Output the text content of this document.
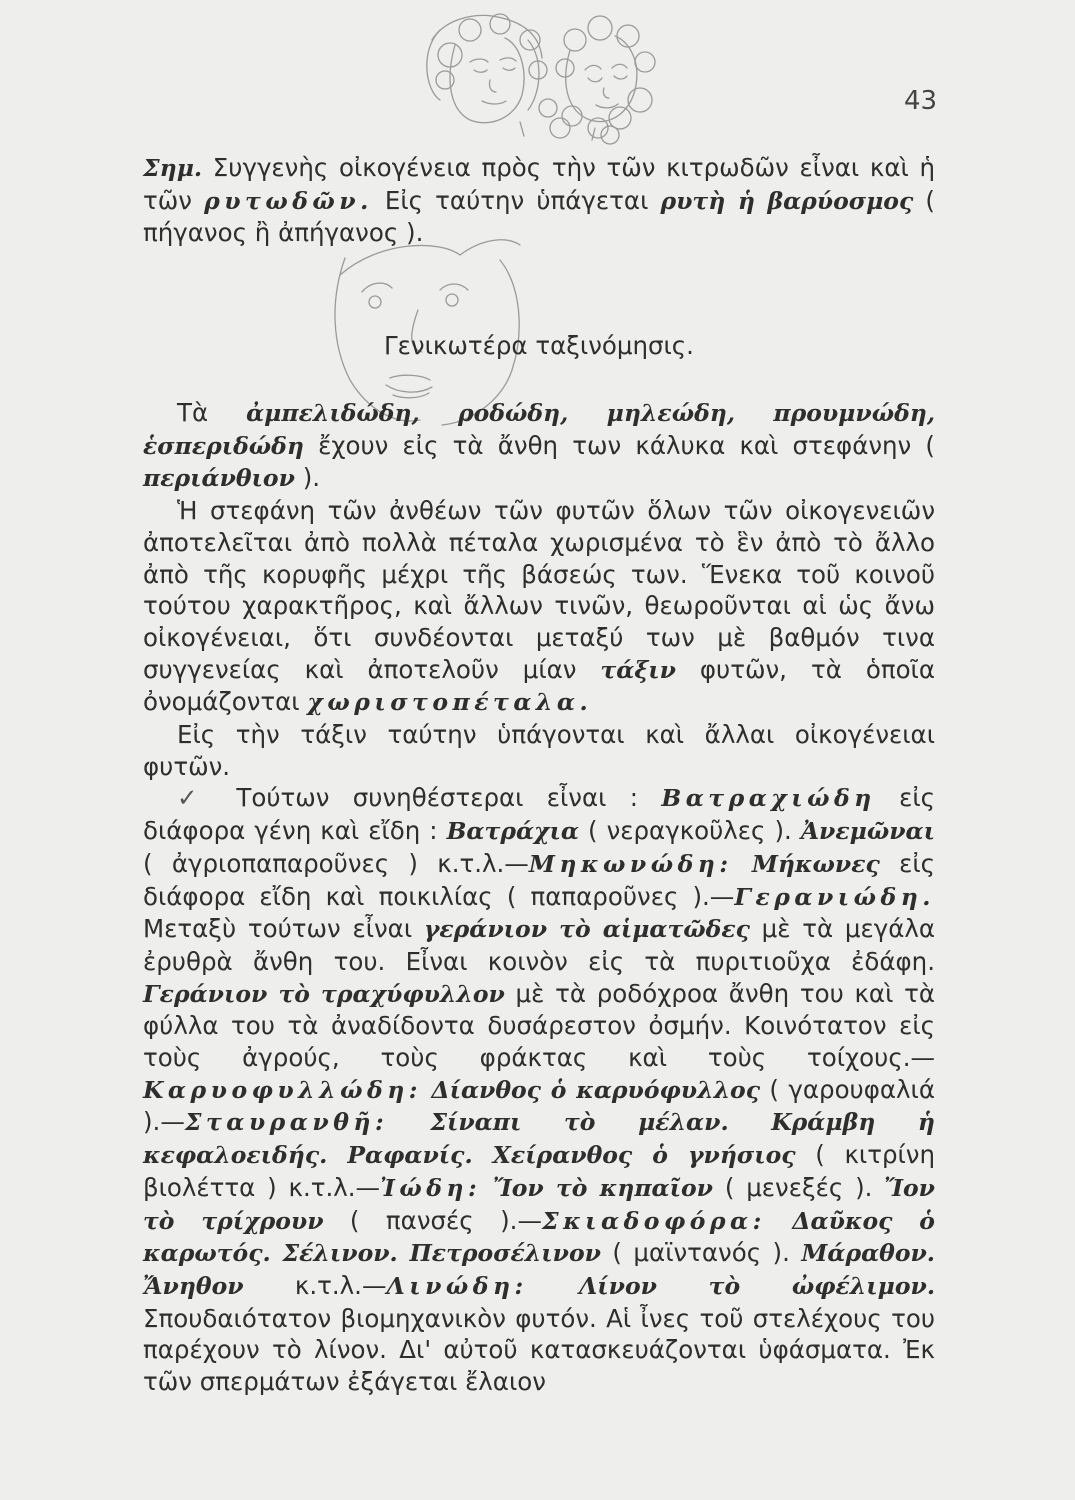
43

Σημ. Συγγενὴς οἰκογένεια πρὸς τὴν τῶν κιτρωδῶν εἶναι καὶ ἡ τῶν ρυτωδῶν. Εἰς ταύτην ὑπάγεται ρυτὴ ἡ βαρύοσμος ( πήγανος ἢ ἀπήγανος ).

Γενικωτέρα ταξινόμησις.

Τὰ ἀμπελιδώδη, ροδώδη, μηλεώδη, προυμνώδη, ἑσπεριδώδη ἔχουν εἰς τὰ ἄνθη των κάλυκα καὶ στεφάνην ( περιάνθιον ).

Ἡ στεφάνη τῶν ἀνθέων τῶν φυτῶν ὅλων τῶν οἰκογενειῶν ἀποτελεῖται ἀπὸ πολλὰ πέταλα χωρισμένα τὸ ἓν ἀπὸ τὸ ἄλλο ἀπὸ τῆς κορυφῆς μέχρι τῆς βάσεώς των. Ἕνεκα τοῦ κοινοῦ τούτου χαρακτῆρος, καὶ ἄλλων τινῶν, θεωροῦνται αἱ ὡς ἄνω οἰκογένειαι, ὅτι συνδέονται μεταξύ των μὲ βαθμόν τινα συγγενείας καὶ ἀποτελοῦν μίαν τάξιν φυτῶν, τὰ ὁποῖα ὀνομάζονται χωριστοπέταλα.

Εἰς τὴν τάξιν ταύτην ὑπάγονται καὶ ἄλλαι οἰκογένειαι φυτῶν.

✓ Τούτων συνηθέστεραι εἶναι : Βατραχιώδη εἰς διάφορα γένη καὶ εἴδη : Βατράχια ( νεραγκοῦλες ). Ἀνεμῶναι ( ἀγριοπαπαροῦνες ) κ.τ.λ.—Μηκωνώδη: Μήκωνες εἰς διάφορα εἴδη καὶ ποικιλίας ( παπαροῦνες ).—Γερανιώδη. Μεταξὺ τούτων εἶναι γεράνιον τὸ αἱματῶδες μὲ τὰ μεγάλα ἐρυθρὰ ἄνθη του. Εἶναι κοινὸν εἰς τὰ πυριτιοῦχα ἐδάφη. Γεράνιον τὸ τραχύφυλλον μὲ τὰ ροδόχροα ἄνθη του καὶ τὰ φύλλα του τὰ ἀναδίδοντα δυσάρεστον ὀσμήν. Κοινότατον εἰς τοὺς ἀγρούς, τοὺς φράκτας καὶ τοὺς τοίχους.—Καρυοφυλλώδη: Δίανθος ὁ καρυόφυλλος ( γαρουφαλιά ).—Σταυρανθῆ: Σίναπι τὸ μέλαν. Κράμβη ἡ κεφαλοειδής. Ραφανίς. Χείρανθος ὁ γνήσιος ( κιτρίνη βιολέττα ) κ.τ.λ.—Ἰώδη: Ἴον τὸ κηπαῖον ( μενεξές ). Ἴον τὸ τρίχρουν ( πανσές ).—Σκιαδοφόρα: Δαῦκος ὁ καρωτός. Σέλινον. Πετροσέλινον ( μαϊντανός ). Μάραθον. Ἄνηθον κ.τ.λ.—Λινώδη: Λίνον τὸ ὠφέλιμον. Σπουδαιότατον βιομηχανικὸν φυτόν. Αἱ ἶνες τοῦ στελέχους του παρέχουν τὸ λίνον. Δι' αὐτοῦ κατασκευάζονται ὑφάσματα. Ἐκ τῶν σπερμάτων ἐξάγεται ἔλαιον
